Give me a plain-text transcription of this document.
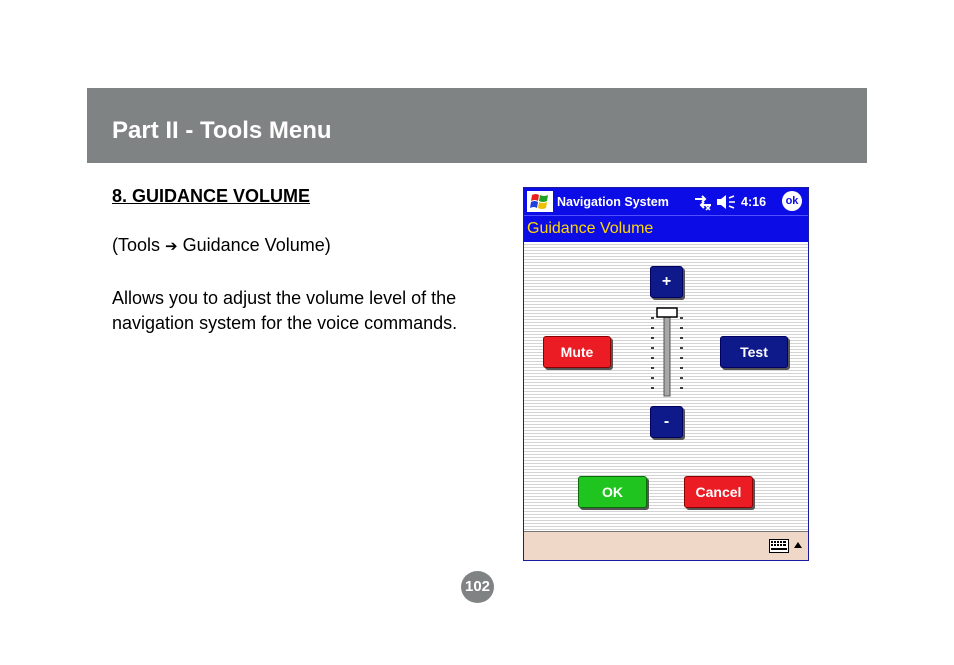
Part II - Tools Menu
8. GUIDANCE VOLUME
(Tools ➔ Guidance Volume)
Allows you to adjust the volume level of the navigation system for the voice commands.
Navigation System	4:16	ok
Guidance Volume
+
-
Mute	Test
OK	Cancel
102
